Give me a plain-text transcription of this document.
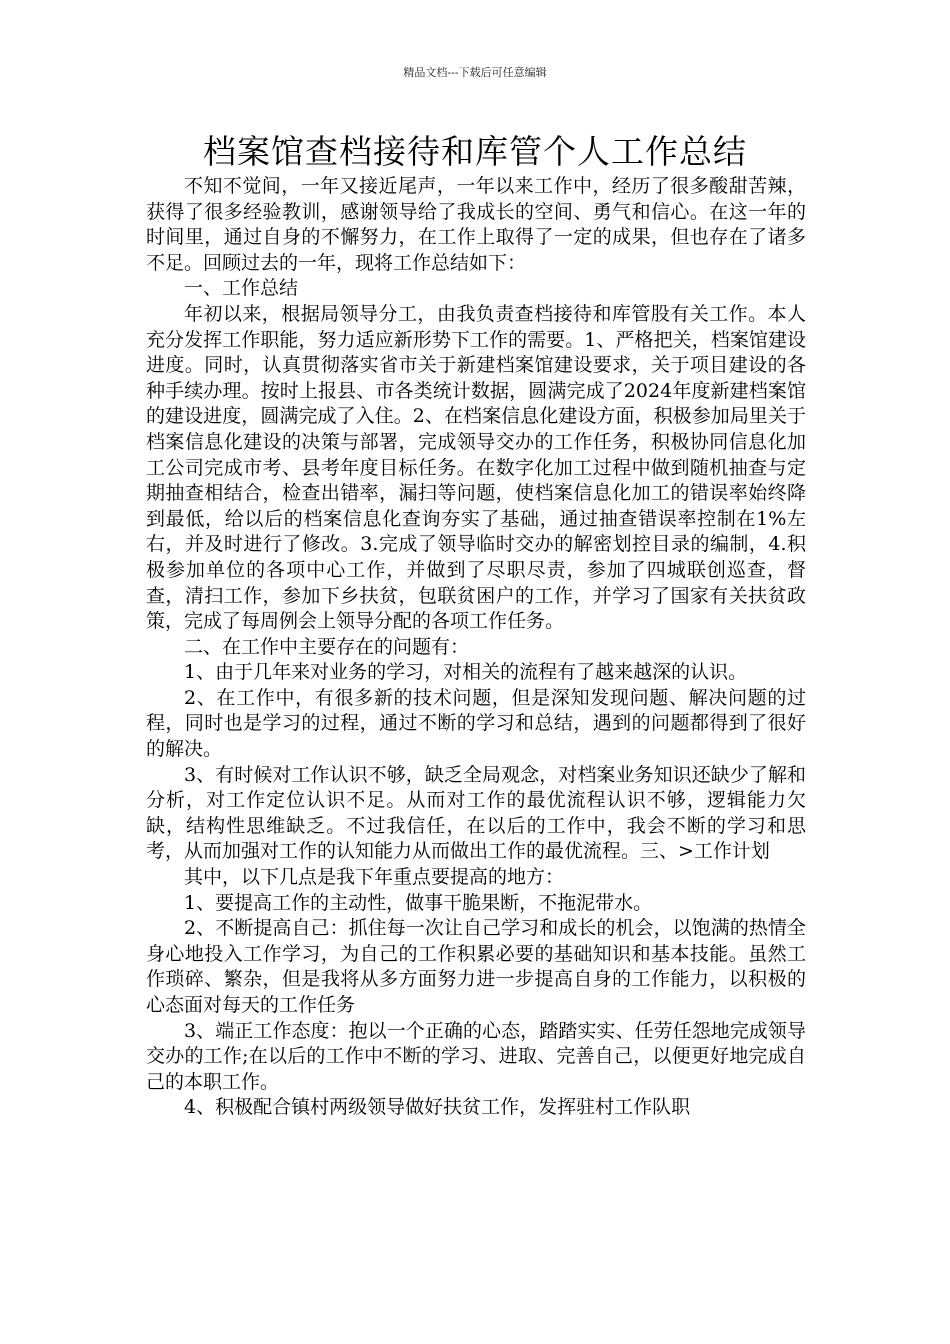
精品文档---下载后可任意编辑
档案馆查档接待和库管个人工作总结

不知不觉间，一年又接近尾声，一年以来工作中，经历了很多酸甜苦辣，获得了很多经验教训，感谢领导给了我成长的空间、勇气和信心。在这一年的时间里，通过自身的不懈努力，在工作上取得了一定的成果，但也存在了诸多不足。回顾过去的一年，现将工作总结如下：

一、工作总结

年初以来，根据局领导分工，由我负责查档接待和库管股有关工作。本人充分发挥工作职能，努力适应新形势下工作的需要。1、严格把关，档案馆建设进度。同时，认真贯彻落实省市关于新建档案馆建设要求，关于项目建设的各种手续办理。按时上报县、市各类统计数据，圆满完成了2024年度新建档案馆的建设进度，圆满完成了入住。2、在档案信息化建设方面，积极参加局里关于档案信息化建设的决策与部署，完成领导交办的工作任务，积极协同信息化加工公司完成市考、县考年度目标任务。在数字化加工过程中做到随机抽查与定期抽查相结合，检查出错率，漏扫等问题，使档案信息化加工的错误率始终降到最低，给以后的档案信息化查询夯实了基础，通过抽查错误率控制在1%左右，并及时进行了修改。3.完成了领导临时交办的解密划控目录的编制，4.积极参加单位的各项中心工作，并做到了尽职尽责，参加了四城联创巡查，督查，清扫工作，参加下乡扶贫，包联贫困户的工作，并学习了国家有关扶贫政策，完成了每周例会上领导分配的各项工作任务。

二、在工作中主要存在的问题有：

1、由于几年来对业务的学习，对相关的流程有了越来越深的认识。

2、在工作中，有很多新的技术问题，但是深知发现问题、解决问题的过程，同时也是学习的过程，通过不断的学习和总结，遇到的问题都得到了很好的解决。

3、有时候对工作认识不够，缺乏全局观念，对档案业务知识还缺少了解和分析，对工作定位认识不足。从而对工作的最优流程认识不够，逻辑能力欠缺，结构性思维缺乏。不过我信任，在以后的工作中，我会不断的学习和思考，从而加强对工作的认知能力从而做出工作的最优流程。三、>工作计划

其中，以下几点是我下年重点要提高的地方：

1、要提高工作的主动性，做事干脆果断，不拖泥带水。

2、不断提高自己：抓住每一次让自己学习和成长的机会，以饱满的热情全身心地投入工作学习，为自己的工作积累必要的基础知识和基本技能。虽然工作琐碎、繁杂，但是我将从多方面努力进一步提高自身的工作能力，以积极的心态面对每天的工作任务

3、端正工作态度：抱以一个正确的心态，踏踏实实、任劳任怨地完成领导交办的工作;在以后的工作中不断的学习、进取、完善自己，以便更好地完成自己的本职工作。

4、积极配合镇村两级领导做好扶贫工作，发挥驻村工作队职
